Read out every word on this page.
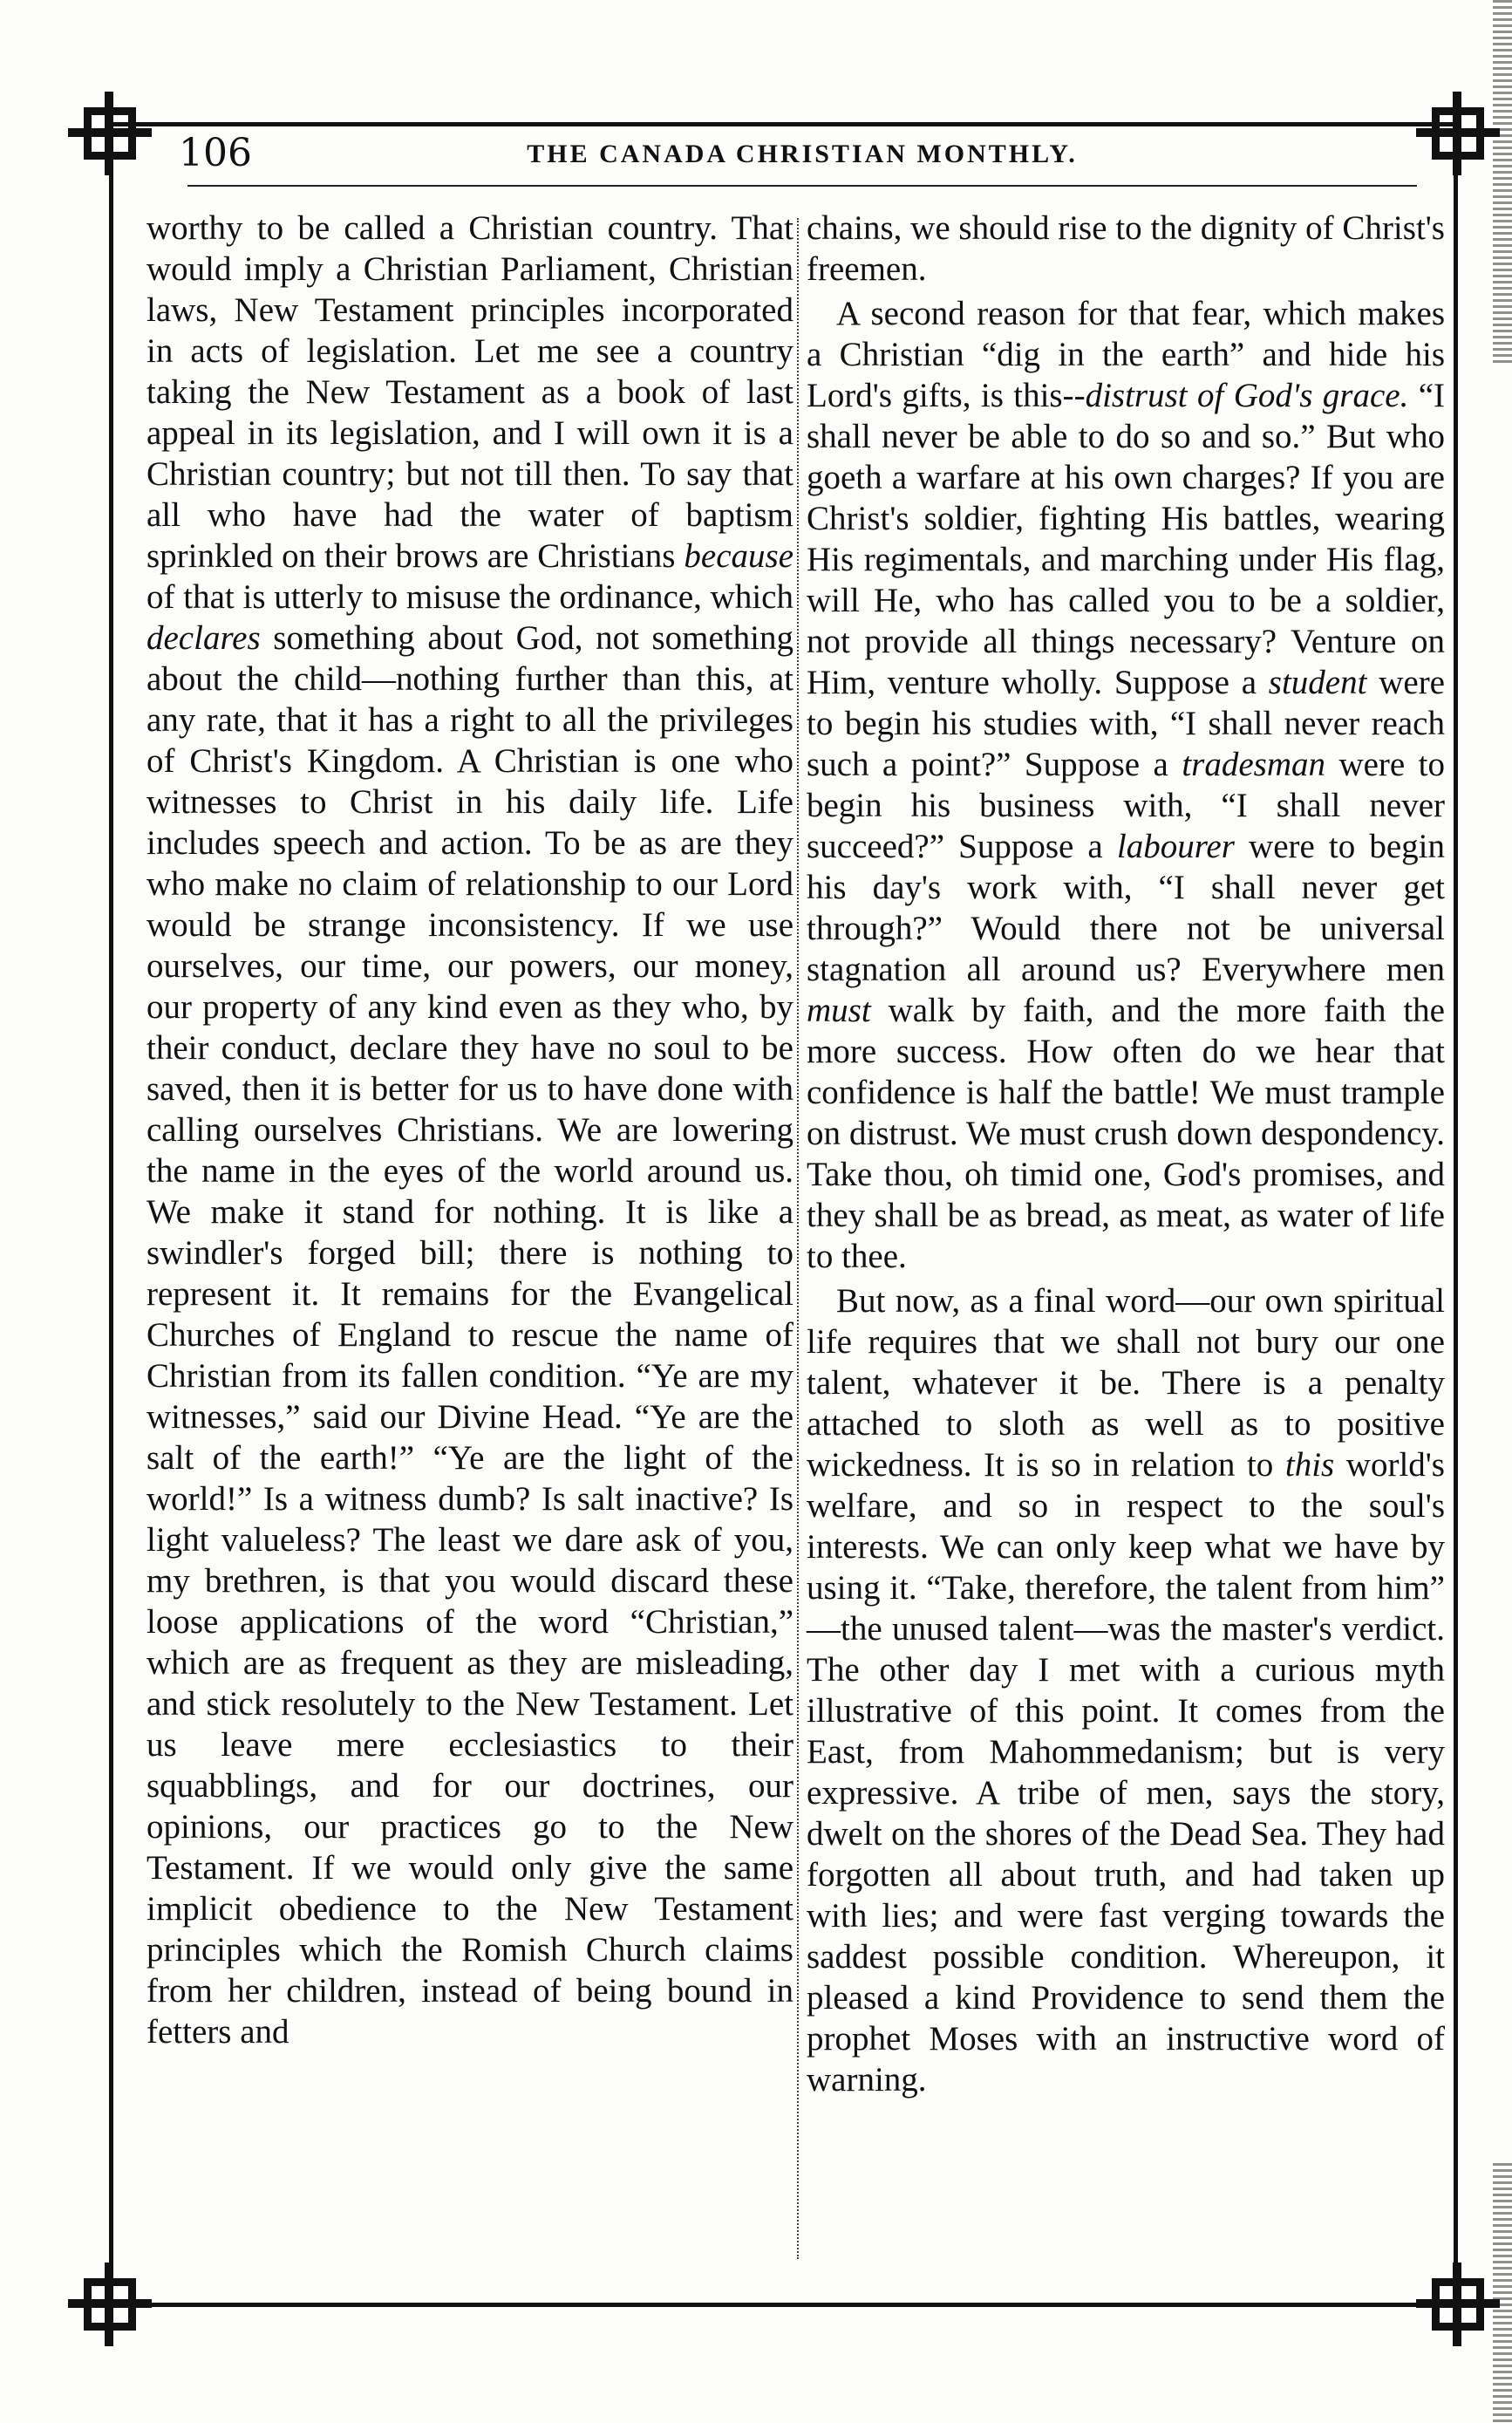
106	THE CANADA CHRISTIAN MONTHLY.

worthy to be called a Christian country. That would imply a Christian Parliament, Christian laws, New Testament principles incorporated in acts of legislation. Let me see a country taking the New Testament as a book of last appeal in its legislation, and I will own it is a Christian country; but not till then. To say that all who have had the water of baptism sprinkled on their brows are Christians because of that is utterly to misuse the ordinance, which declares something about God, not something about the child—nothing further than this, at any rate, that it has a right to all the privileges of Christ's Kingdom. A Christian is one who witnesses to Christ in his daily life. Life includes speech and action. To be as are they who make no claim of relationship to our Lord would be strange inconsistency. If we use ourselves, our time, our powers, our money, our property of any kind even as they who, by their conduct, declare they have no soul to be saved, then it is better for us to have done with calling ourselves Christians. We are lowering the name in the eyes of the world around us. We make it stand for nothing. It is like a swindler's forged bill; there is nothing to represent it. It remains for the Evangelical Churches of England to rescue the name of Christian from its fallen condition. “Ye are my witnesses,” said our Divine Head. “Ye are the salt of the earth!” “Ye are the light of the world!” Is a witness dumb? Is salt inactive? Is light valueless? The least we dare ask of you, my brethren, is that you would discard these loose applications of the word “Christian,” which are as frequent as they are misleading, and stick resolutely to the New Testament. Let us leave mere ecclesiastics to their squabblings, and for our doctrines, our opinions, our practices go to the New Testament. If we would only give the same implicit obedience to the New Testament principles which the Romish Church claims from her children, instead of being bound in fetters and

chains, we should rise to the dignity of Christ's freemen.

A second reason for that fear, which makes a Christian “dig in the earth” and hide his Lord's gifts, is this--distrust of God's grace. “I shall never be able to do so and so.” But who goeth a warfare at his own charges? If you are Christ's soldier, fighting His battles, wearing His regimentals, and marching under His flag, will He, who has called you to be a soldier, not provide all things necessary? Venture on Him, venture wholly. Suppose a student were to begin his studies with, “I shall never reach such a point?” Suppose a tradesman were to begin his business with, “I shall never succeed?” Suppose a labourer were to begin his day's work with, “I shall never get through?” Would there not be universal stagnation all around us? Everywhere men must walk by faith, and the more faith the more success. How often do we hear that confidence is half the battle! We must trample on distrust. We must crush down despondency. Take thou, oh timid one, God's promises, and they shall be as bread, as meat, as water of life to thee.

But now, as a final word—our own spiritual life requires that we shall not bury our one talent, whatever it be. There is a penalty attached to sloth as well as to positive wickedness. It is so in relation to this world's welfare, and so in respect to the soul's interests. We can only keep what we have by using it. “Take, therefore, the talent from him” —the unused talent—was the master's verdict. The other day I met with a curious myth illustrative of this point. It comes from the East, from Mahommedanism; but is very expressive. A tribe of men, says the story, dwelt on the shores of the Dead Sea. They had forgotten all about truth, and had taken up with lies; and were fast verging towards the saddest possible condition. Whereupon, it pleased a kind Providence to send them the prophet Moses with an instructive word of warning.
